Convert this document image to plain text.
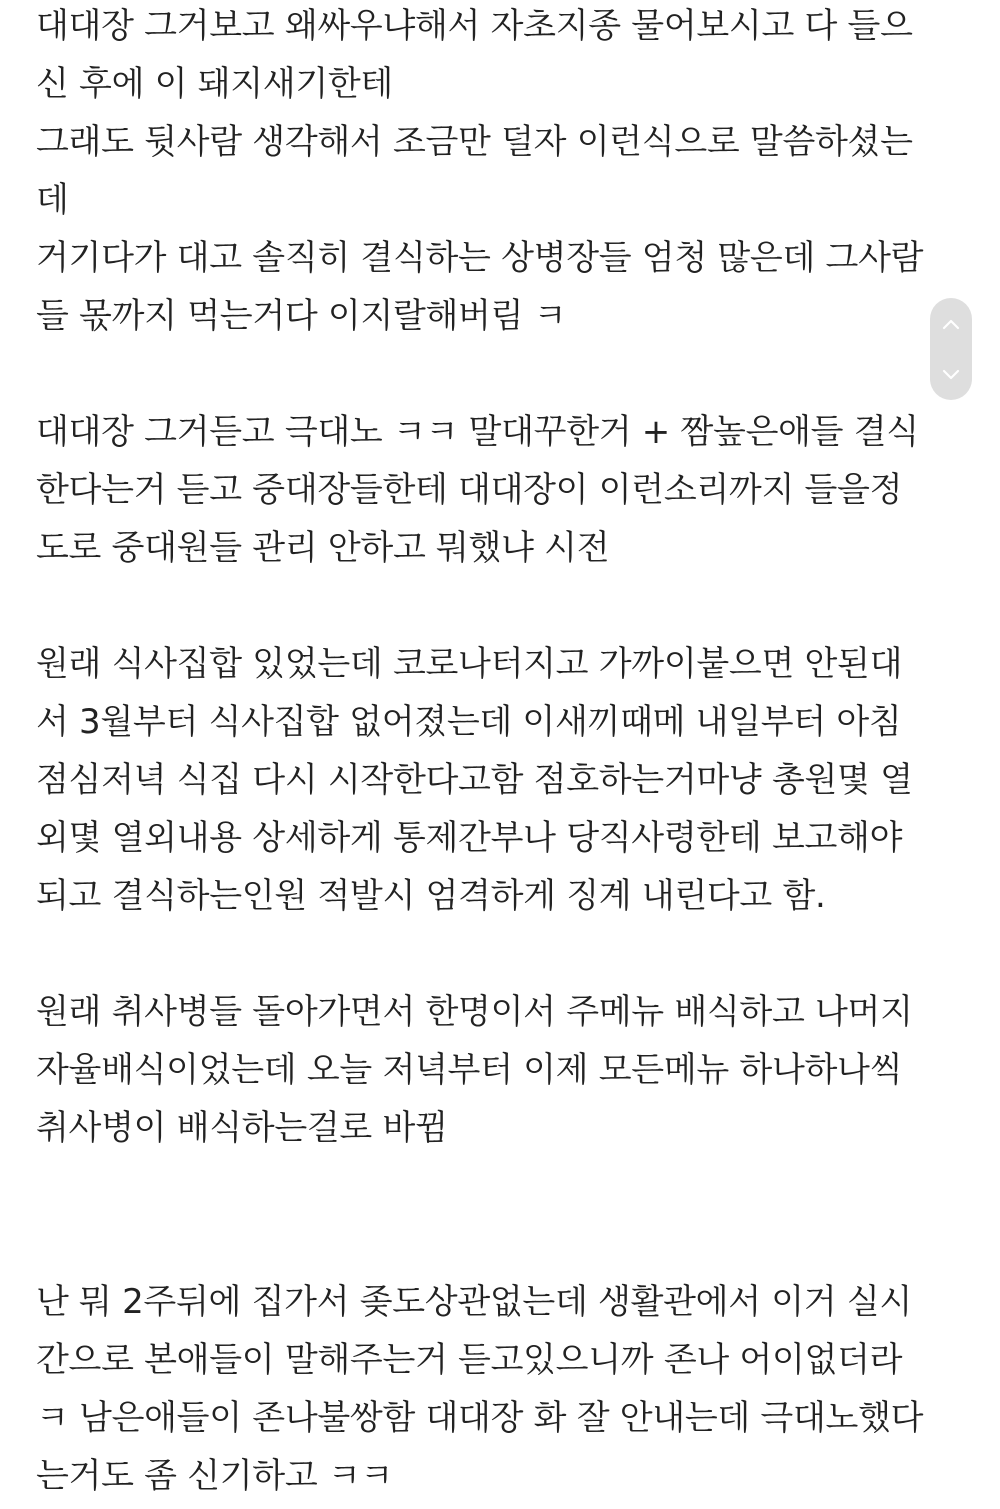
대대장 그거보고 왜싸우냐해서 자초지종 물어보시고 다 들으
신 후에 이 돼지새기한테
그래도 뒷사람 생각해서 조금만 덜자 이런식으로 말씀하셨는
데
거기다가 대고 솔직히 결식하는 상병장들 엄청 많은데 그사람
들 몫까지 먹는거다 이지랄해버림 ㅋ
대대장 그거듣고 극대노 ㅋㅋ 말대꾸한거 + 짬높은애들 결식
한다는거 듣고 중대장들한테 대대장이 이런소리까지 들을정
도로 중대원들 관리 안하고 뭐했냐 시전
원래 식사집합 있었는데 코로나터지고 가까이붙으면 안된대
서 3월부터 식사집합 없어졌는데 이새끼때메 내일부터 아침
점심저녁 식집 다시 시작한다고함 점호하는거마냥 총원몇 열
외몇 열외내용 상세하게 통제간부나 당직사령한테 보고해야
되고 결식하는인원 적발시 엄격하게 징계 내린다고 함.
원래 취사병들 돌아가면서 한명이서 주메뉴 배식하고 나머지
자율배식이었는데 오늘 저녁부터 이제 모든메뉴 하나하나씩
취사병이 배식하는걸로 바뀜
난 뭐 2주뒤에 집가서 좆도상관없는데 생활관에서 이거 실시
간으로 본애들이 말해주는거 듣고있으니까 존나 어이없더라
ㅋ 남은애들이 존나불쌍함 대대장 화 잘 안내는데 극대노했다
는거도 좀 신기하고 ㅋㅋ
